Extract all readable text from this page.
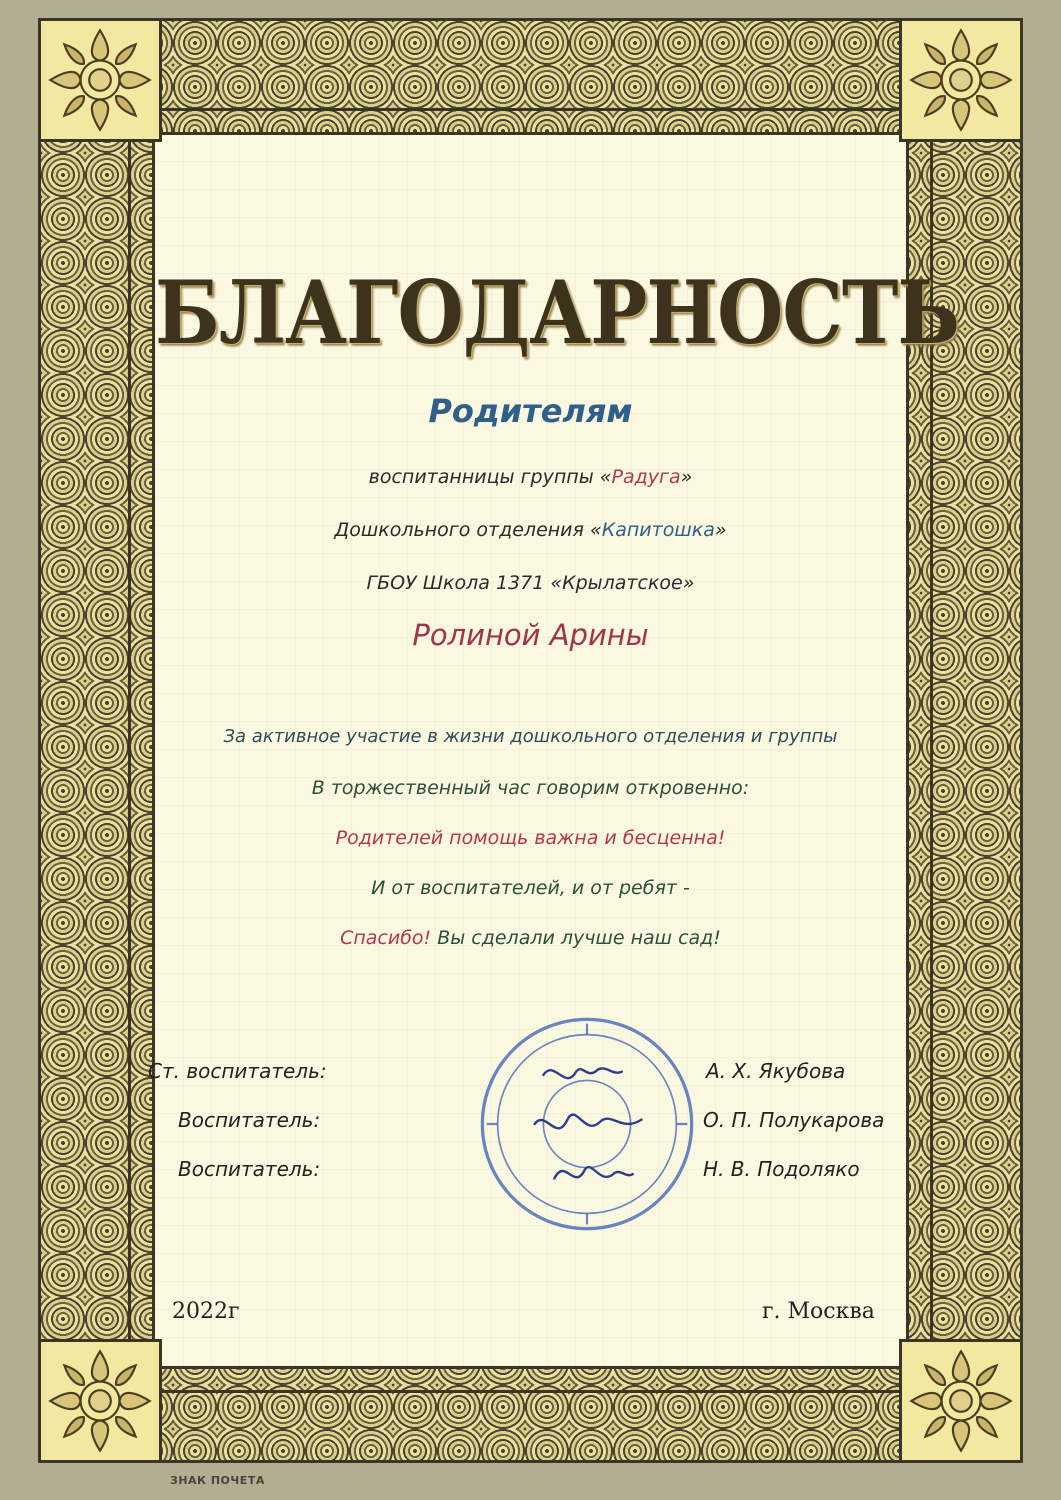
БЛАГОДАРНОСТЬ
Родителям
воспитанницы группы «Радуга»
Дошкольного отделения «Капитошка»
ГБОУ Школа 1371 «Крылатское»
Ролиной Арины
За активное участие в жизни дошкольного отделения и группы
В торжественный час говорим откровенно:
Родителей помощь важна и бесценна!
И от воспитателей, и от ребят -
Спасибо! Вы сделали лучше наш сад!
Ст. воспитатель:	А. Х. Якубова
Воспитатель:	О. П. Полукарова
Воспитатель:	Н. В. Подоляко
2022г	г. Москва
ЗНАК ПОЧЕТА
